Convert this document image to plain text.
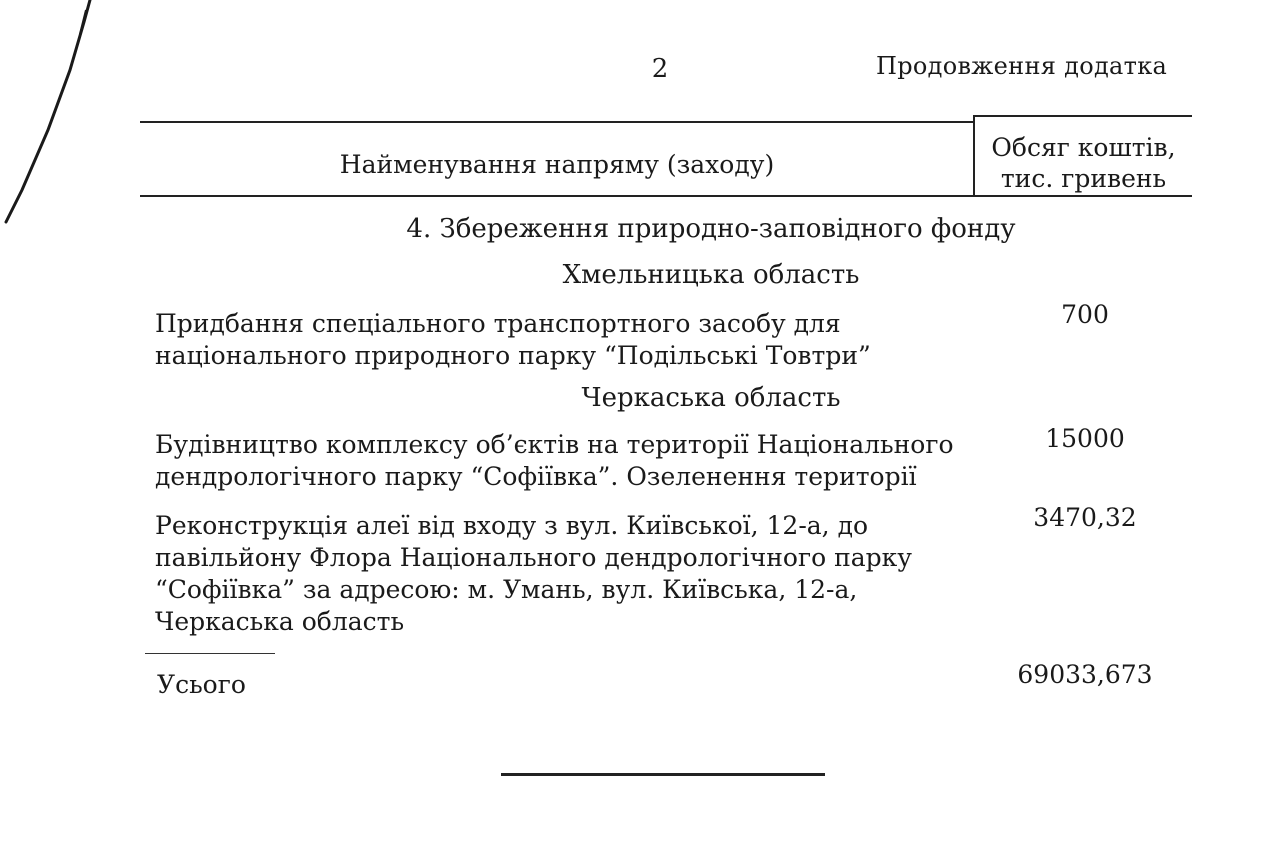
2	Продовження додатка
Найменування напряму (заходу)
Обсяг коштів,
тис. гривень
4. Збереження природно-заповідного фонду
Хмельницька область
Придбання спеціального транспортного засобу для
національного природного парку “Подільські Товтри”
700
Черкаська область
Будівництво комплексу об’єктів на території Національного
дендрологічного парку “Софіївка”. Озеленення території
15000
Реконструкція алеї від входу з вул. Київської, 12-а, до
павільйону Флора Національного дендрологічного парку
“Софіївка” за адресою: м. Умань, вул. Київська, 12-а,
Черкаська область
3470,32
Усього	69033,673
